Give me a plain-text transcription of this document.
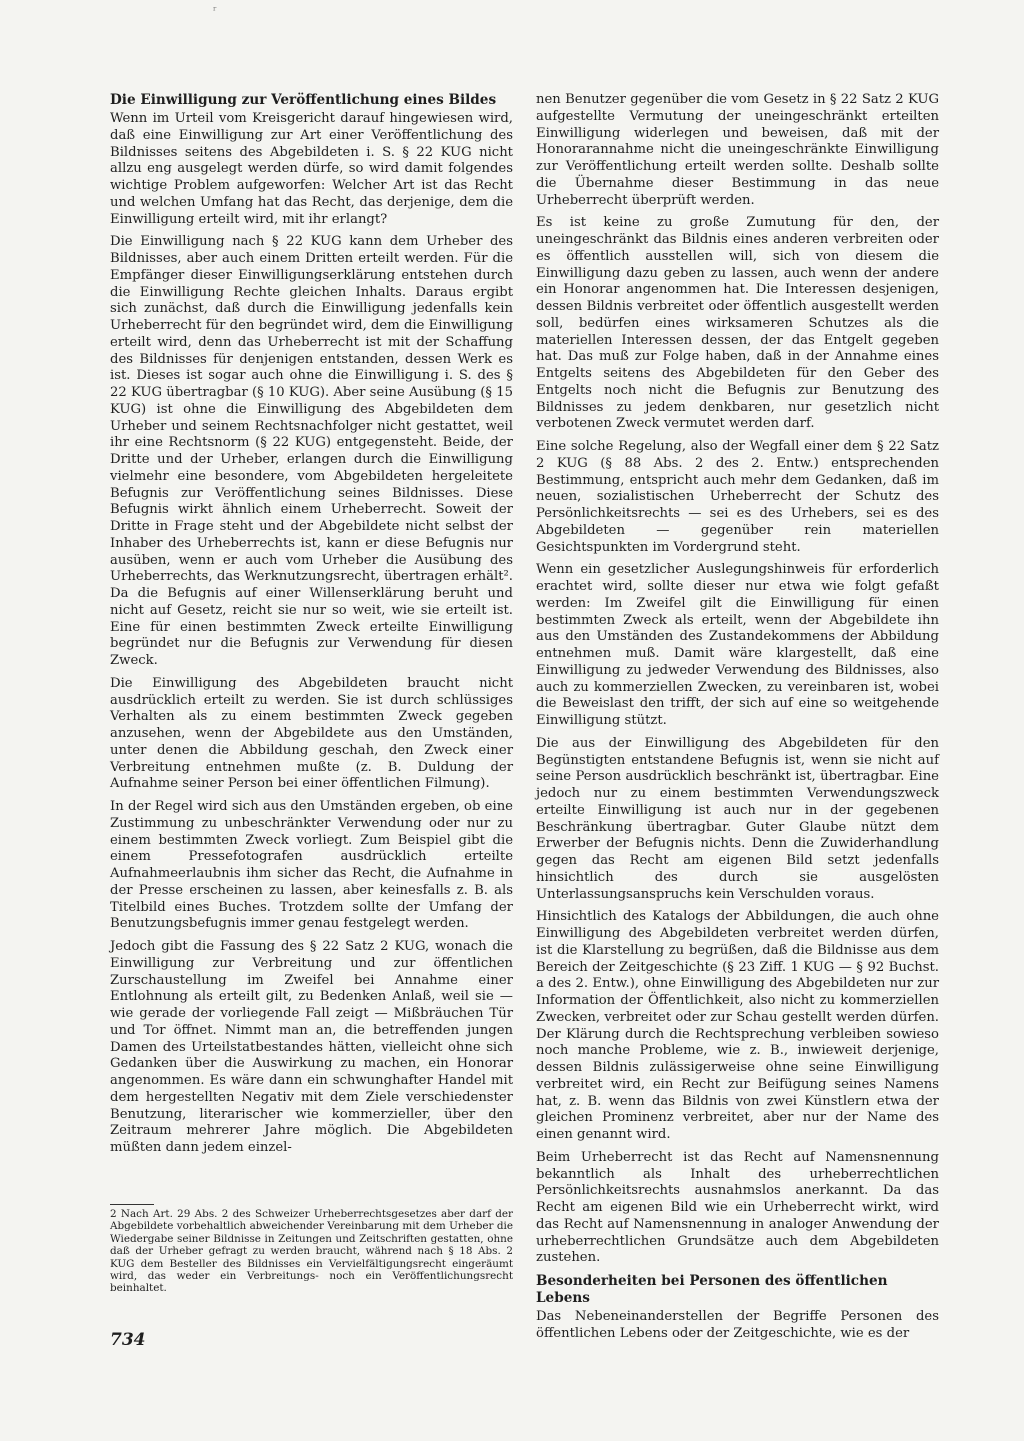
ʳ
Die Einwilligung zur Veröffentlichung eines Bildes

Wenn im Urteil vom Kreisgericht darauf hingewiesen wird, daß eine Einwilligung zur Art einer Veröffentlichung des Bildnisses seitens des Abgebildeten i. S. § 22 KUG nicht allzu eng ausgelegt werden dürfe, so wird damit folgendes wichtige Problem aufgeworfen: Welcher Art ist das Recht und welchen Umfang hat das Recht, das derjenige, dem die Einwilligung erteilt wird, mit ihr erlangt?

Die Einwilligung nach § 22 KUG kann dem Urheber des Bildnisses, aber auch einem Dritten erteilt werden. Für die Empfänger dieser Einwilligungserklärung entstehen durch die Einwilligung Rechte gleichen Inhalts. Daraus ergibt sich zunächst, daß durch die Einwilligung jedenfalls kein Urheberrecht für den begründet wird, dem die Einwilligung erteilt wird, denn das Urheberrecht ist mit der Schaffung des Bildnisses für denjenigen entstanden, dessen Werk es ist. Dieses ist sogar auch ohne die Einwilligung i. S. des § 22 KUG übertragbar (§ 10 KUG). Aber seine Ausübung (§ 15 KUG) ist ohne die Einwilligung des Abgebildeten dem Urheber und seinem Rechtsnachfolger nicht gestattet, weil ihr eine Rechtsnorm (§ 22 KUG) entgegensteht. Beide, der Dritte und der Urheber, erlangen durch die Einwilligung vielmehr eine besondere, vom Abgebildeten hergeleitete Befugnis zur Veröffentlichung seines Bildnisses. Diese Befugnis wirkt ähnlich einem Urheberrecht. Soweit der Dritte in Frage steht und der Abgebildete nicht selbst der Inhaber des Urheberrechts ist, kann er diese Befugnis nur ausüben, wenn er auch vom Urheber die Ausübung des Urheberrechts, das Werknutzungsrecht, übertragen erhält². Da die Befugnis auf einer Willenserklärung beruht und nicht auf Gesetz, reicht sie nur so weit, wie sie erteilt ist. Eine für einen bestimmten Zweck erteilte Einwilligung begründet nur die Befugnis zur Verwendung für diesen Zweck.

Die Einwilligung des Abgebildeten braucht nicht ausdrücklich erteilt zu werden. Sie ist durch schlüssiges Verhalten als zu einem bestimmten Zweck gegeben anzusehen, wenn der Abgebildete aus den Umständen, unter denen die Abbildung geschah, den Zweck einer Verbreitung entnehmen mußte (z. B. Duldung der Aufnahme seiner Person bei einer öffentlichen Filmung).

In der Regel wird sich aus den Umständen ergeben, ob eine Zustimmung zu unbeschränkter Verwendung oder nur zu einem bestimmten Zweck vorliegt. Zum Beispiel gibt die einem Pressefotografen ausdrücklich erteilte Aufnahmeerlaubnis ihm sicher das Recht, die Aufnahme in der Presse erscheinen zu lassen, aber keinesfalls z. B. als Titelbild eines Buches. Trotzdem sollte der Umfang der Benutzungsbefugnis immer genau festgelegt werden.

Jedoch gibt die Fassung des § 22 Satz 2 KUG, wonach die Einwilligung zur Verbreitung und zur öffentlichen Zurschaustellung im Zweifel bei Annahme einer Entlohnung als erteilt gilt, zu Bedenken Anlaß, weil sie — wie gerade der vorliegende Fall zeigt — Mißbräuchen Tür und Tor öffnet. Nimmt man an, die betreffenden jungen Damen des Urteilstatbestandes hätten, vielleicht ohne sich Gedanken über die Auswirkung zu machen, ein Honorar angenommen. Es wäre dann ein schwunghafter Handel mit dem hergestellten Negativ mit dem Ziele verschiedenster Benutzung, literarischer wie kommerzieller, über den Zeitraum mehrerer Jahre möglich. Die Abgebildeten müßten dann jedem einzel-

2 Nach Art. 29 Abs. 2 des Schweizer Urheberrechtsgesetzes aber darf der Abgebildete vorbehaltlich abweichender Vereinbarung mit dem Urheber die Wiedergabe seiner Bildnisse in Zeitungen und Zeitschriften gestatten, ohne daß der Urheber gefragt zu werden braucht, während nach § 18 Abs. 2 KUG dem Besteller des Bildnisses ein Vervielfältigungsrecht eingeräumt wird, das weder ein Verbreitungs- noch ein Veröffentlichungsrecht beinhaltet.
734

nen Benutzer gegenüber die vom Gesetz in § 22 Satz 2 KUG aufgestellte Vermutung der uneingeschränkt erteilten Einwilligung widerlegen und beweisen, daß mit der Honorarannahme nicht die uneingeschränkte Einwilligung zur Veröffentlichung erteilt werden sollte. Deshalb sollte die Übernahme dieser Bestimmung in das neue Urheberrecht überprüft werden.

Es ist keine zu große Zumutung für den, der uneingeschränkt das Bildnis eines anderen verbreiten oder es öffentlich ausstellen will, sich von diesem die Einwilligung dazu geben zu lassen, auch wenn der andere ein Honorar angenommen hat. Die Interessen desjenigen, dessen Bildnis verbreitet oder öffentlich ausgestellt werden soll, bedürfen eines wirksameren Schutzes als die materiellen Interessen dessen, der das Entgelt gegeben hat. Das muß zur Folge haben, daß in der Annahme eines Entgelts seitens des Abgebildeten für den Geber des Entgelts noch nicht die Befugnis zur Benutzung des Bildnisses zu jedem denkbaren, nur gesetzlich nicht verbotenen Zweck vermutet werden darf.

Eine solche Regelung, also der Wegfall einer dem § 22 Satz 2 KUG (§ 88 Abs. 2 des 2. Entw.) entsprechenden Bestimmung, entspricht auch mehr dem Gedanken, daß im neuen, sozialistischen Urheberrecht der Schutz des Persönlichkeitsrechts — sei es des Urhebers, sei es des Abgebildeten — gegenüber rein materiellen Gesichtspunkten im Vordergrund steht.

Wenn ein gesetzlicher Auslegungshinweis für erforderlich erachtet wird, sollte dieser nur etwa wie folgt gefaßt werden: Im Zweifel gilt die Einwilligung für einen bestimmten Zweck als erteilt, wenn der Abgebildete ihn aus den Umständen des Zustandekommens der Abbildung entnehmen muß. Damit wäre klargestellt, daß eine Einwilligung zu jedweder Verwendung des Bildnisses, also auch zu kommerziellen Zwecken, zu vereinbaren ist, wobei die Beweislast den trifft, der sich auf eine so weitgehende Einwilligung stützt.

Die aus der Einwilligung des Abgebildeten für den Begünstigten entstandene Befugnis ist, wenn sie nicht auf seine Person ausdrücklich beschränkt ist, übertragbar. Eine jedoch nur zu einem bestimmten Verwendungszweck erteilte Einwilligung ist auch nur in der gegebenen Beschränkung übertragbar. Guter Glaube nützt dem Erwerber der Befugnis nichts. Denn die Zuwiderhandlung gegen das Recht am eigenen Bild setzt jedenfalls hinsichtlich des durch sie ausgelösten Unterlassungsanspruchs kein Verschulden voraus.

Hinsichtlich des Katalogs der Abbildungen, die auch ohne Einwilligung des Abgebildeten verbreitet werden dürfen, ist die Klarstellung zu begrüßen, daß die Bildnisse aus dem Bereich der Zeitgeschichte (§ 23 Ziff. 1 KUG — § 92 Buchst. a des 2. Entw.), ohne Einwilligung des Abgebildeten nur zur Information der Öffentlichkeit, also nicht zu kommerziellen Zwecken, verbreitet oder zur Schau gestellt werden dürfen. Der Klärung durch die Rechtsprechung verbleiben sowieso noch manche Probleme, wie z. B., inwieweit derjenige, dessen Bildnis zulässigerweise ohne seine Einwilligung verbreitet wird, ein Recht zur Beifügung seines Namens hat, z. B. wenn das Bildnis von zwei Künstlern etwa der gleichen Prominenz verbreitet, aber nur der Name des einen genannt wird.

Beim Urheberrecht ist das Recht auf Namensnennung bekanntlich als Inhalt des urheberrechtlichen Persönlichkeitsrechts ausnahmslos anerkannt. Da das Recht am eigenen Bild wie ein Urheberrecht wirkt, wird das Recht auf Namensnennung in analoger Anwendung der urheberrechtlichen Grundsätze auch dem Abgebildeten zustehen.

Besonderheiten bei Personen des öffentlichen Lebens

Das Nebeneinanderstellen der Begriffe Personen des öffentlichen Lebens oder der Zeitgeschichte, wie es der
